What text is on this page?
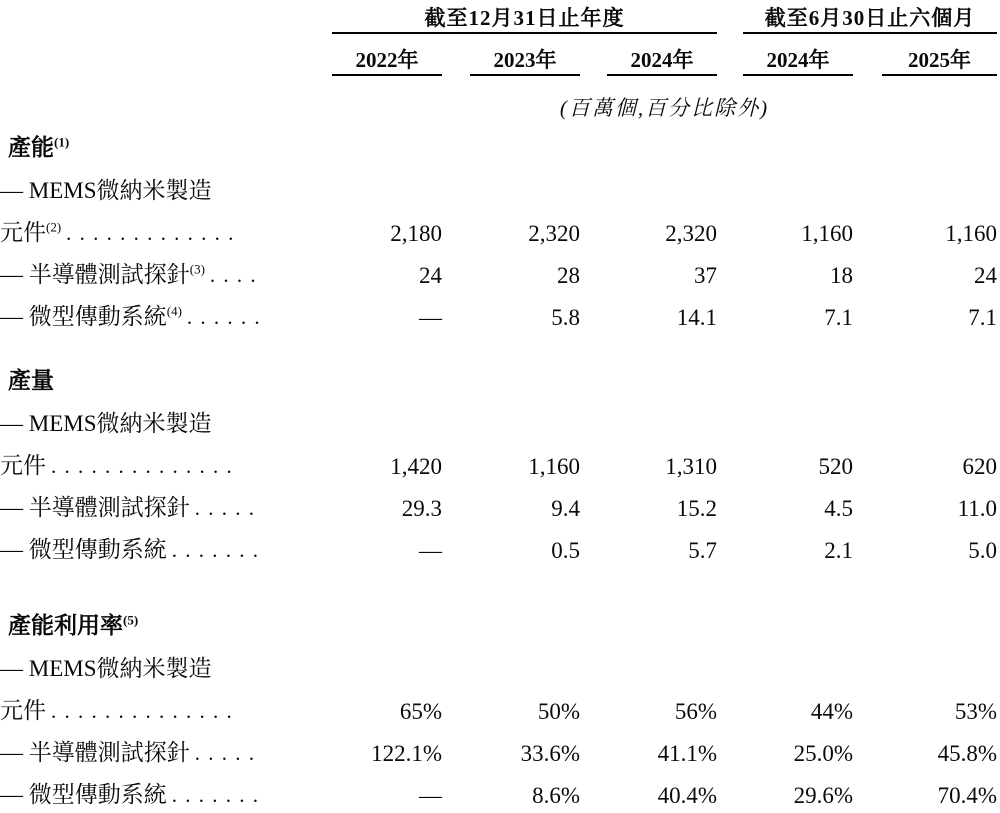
	截至12月31日止年度						截至6月30日止六個月		
	2022年		2023年		2024年		2024年		2025年
	(百萬個,百分比除外)								
產能$^{(1)}$
— MEMS微納米製造									
元件$^{(2)}$ . . . . . . . . . . . . .	2,180		2,320		2,320		1,160		1,160
— 半導體測試探針$^{(3)}$ . . . .	24		28		37		18		24
— 微型傳動系統$^{(4)}$ . . . . . .	—		5.8		14.1		7.1		7.1
產量									
— MEMS微納米製造									
元件 . . . . . . . . . . . . . .	1,420		1,160		1,310		520		620
— 半導體測試探針 . . . . .	29.3		9.4		15.2		4.5		11.0
— 微型傳動系統 . . . . . . .	—		0.5		5.7		2.1		5.0
產能利用率$^{(5)}$
— MEMS微納米製造									
元件 . . . . . . . . . . . . . .	65%		50%		56%		44%		53%
— 半導體測試探針 . . . . .	122.1%		33.6%		41.1%		25.0%		45.8%
— 微型傳動系統 . . . . . . .	—		8.6%		40.4%		29.6%		70.4%
